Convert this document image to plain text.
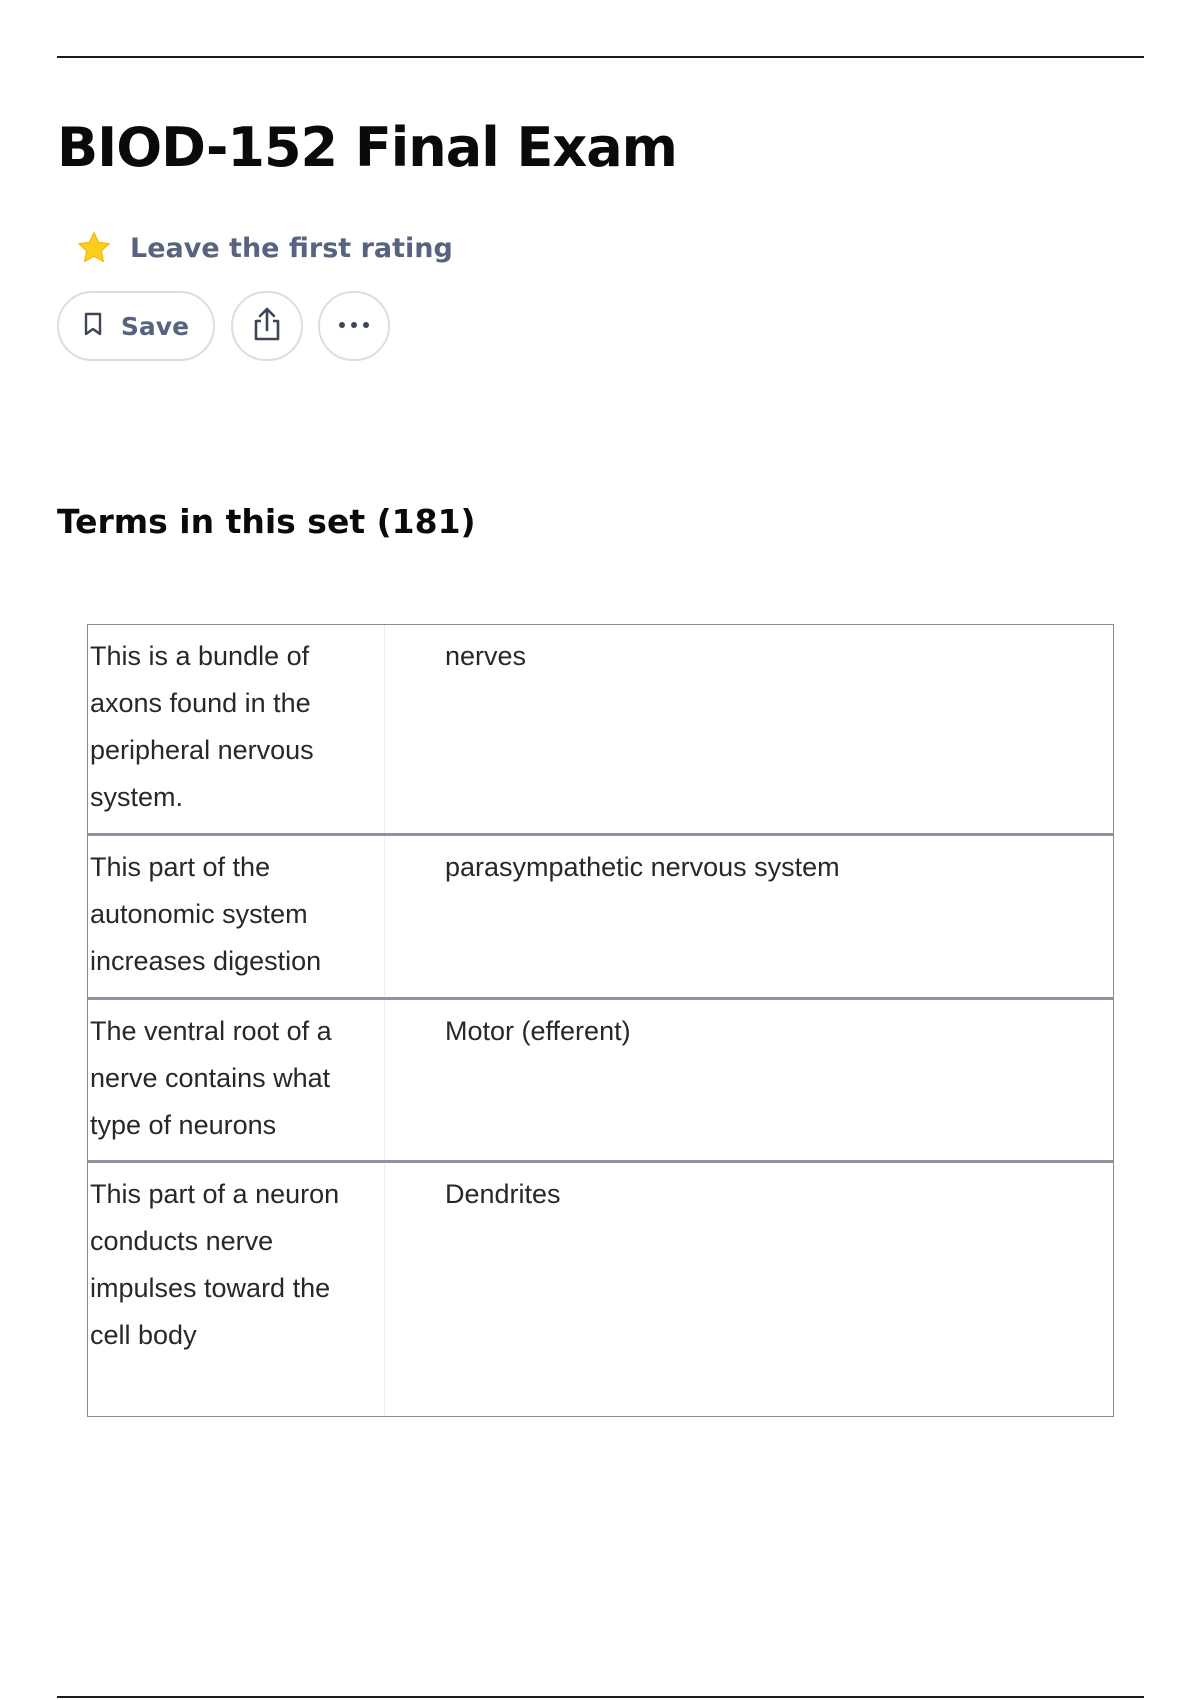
BIOD-152 Final Exam
Leave the first rating
Save
Terms in this set (181)
This is a bundle of axons found in the peripheral nervous system.
nerves
This part of the autonomic system increases digestion
parasympathetic nervous system
The ventral root of a nerve contains what type of neurons
Motor (efferent)
This part of a neuron conducts nerve impulses toward the cell body
Dendrites
